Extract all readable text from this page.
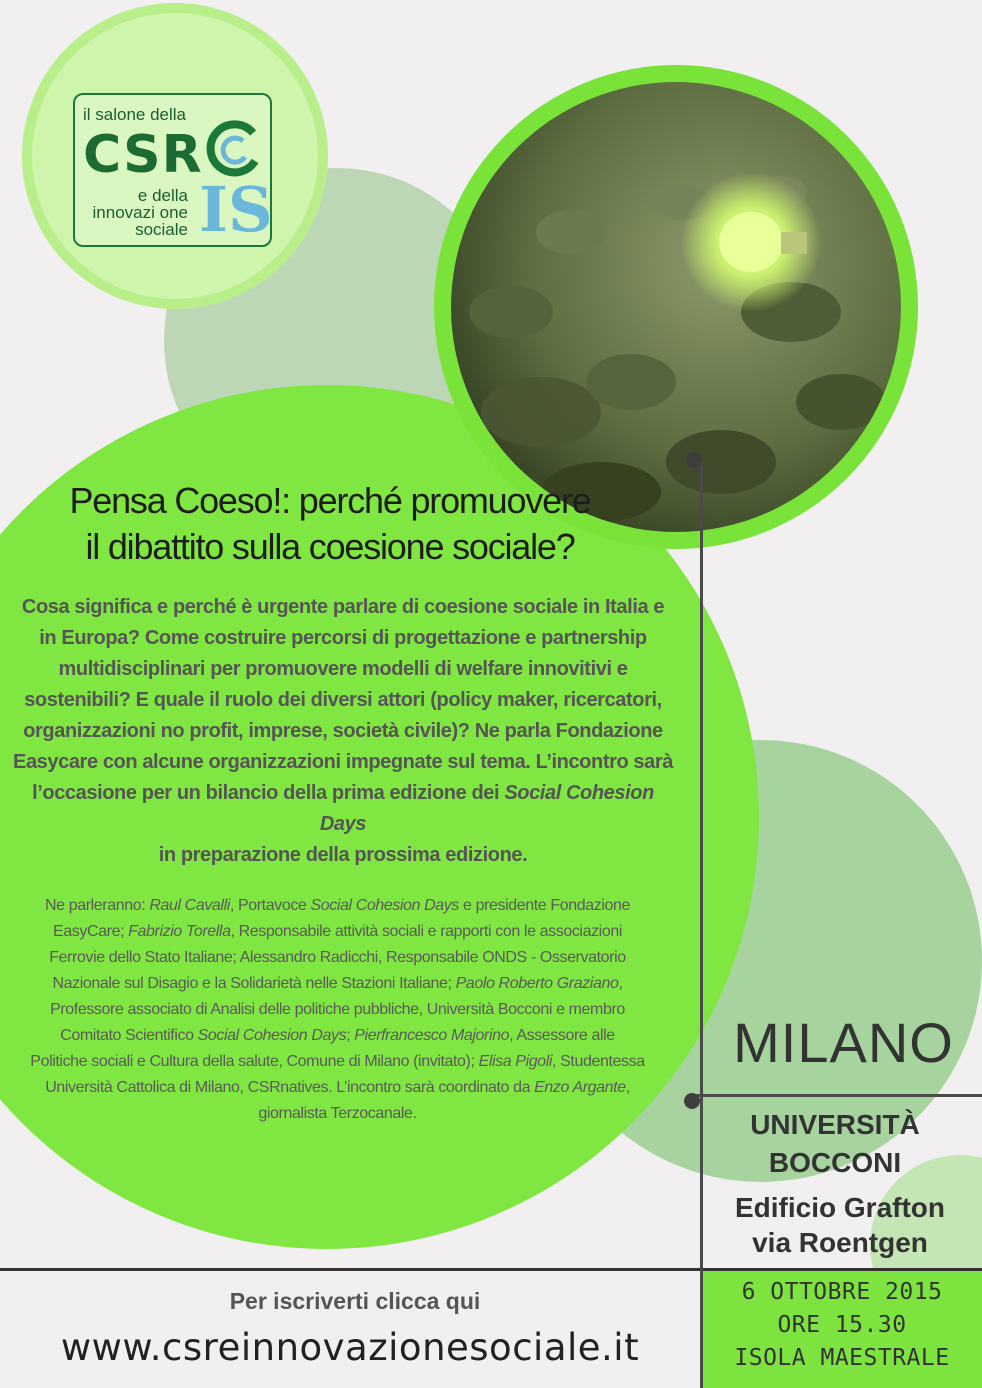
il salone della
CSR
e della
innovazi one
sociale IS
Pensa Coeso!: perché promuovere
il dibattito sulla coesione sociale?
Cosa significa e perché è urgente parlare di coesione sociale in Italia e in Europa? Come costruire percorsi di progettazione e partnership multidisciplinari per promuovere modelli di welfare innovitivi e sostenibili? E quale il ruolo dei diversi attori (policy maker, ricercatori, organizzazioni no profit, imprese, società civile)? Ne parla Fondazione Easycare con alcune organizzazioni impegnate sul tema. L’incontro sarà l’occasione per un bilancio della prima edizione dei Social Cohesion Days
in preparazione della prossima edizione.
Ne parleranno: Raul Cavalli, Portavoce Social Cohesion Days e presidente Fondazione EasyCare; Fabrizio Torella, Responsabile attività sociali e rapporti con le associazioni Ferrovie dello Stato Italiane; Alessandro Radicchi, Responsabile ONDS - Osservatorio Nazionale sul Disagio e la Solidarietà nelle Stazioni Italiane; Paolo Roberto Graziano, Professore associato di Analisi delle politiche pubbliche, Università Bocconi e membro Comitato Scientifico Social Cohesion Days; Pierfrancesco Majorino, Assessore alle Politiche sociali e Cultura della salute, Comune di Milano (invitato); Elisa Pigoli, Studentessa Università Cattolica di Milano, CSRnatives. L’incontro sarà coordinato da Enzo Argante, giornalista Terzocanale.
MILANO
UNIVERSITÀ
BOCCONI
Edificio Grafton
via Roentgen
6 OTTOBRE 2015
ORE 15.30
ISOLA MAESTRALE
Per iscriverti clicca qui
www.csreinnovazionesociale.it
